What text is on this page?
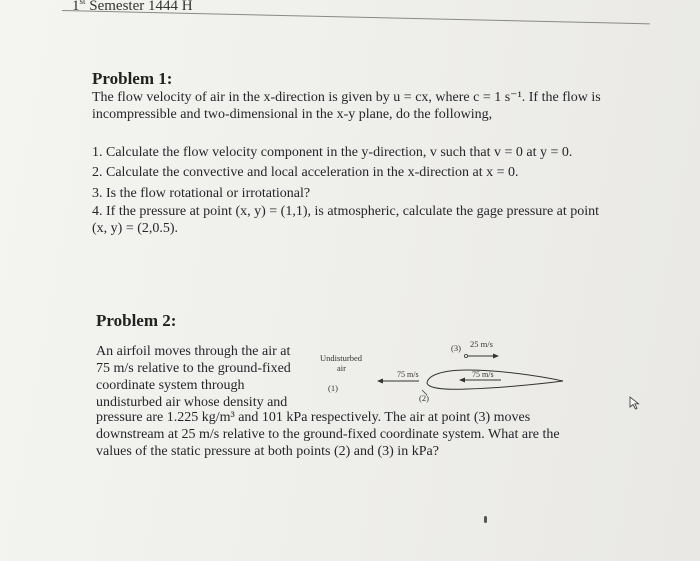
1st Semester 1444 H
Problem 1:
The flow velocity of air in the x-direction is given by u = cx, where c = 1 s⁻¹. If the flow is
incompressible and two-dimensional in the x-y plane, do the following,
1. Calculate the flow velocity component in the y-direction, v such that v = 0 at y = 0.
2. Calculate the convective and local acceleration in the x-direction at x = 0.
3. Is the flow rotational or irrotational?
4. If the pressure at point (x, y) = (1,1), is atmospheric, calculate the gage pressure at point
(x, y) = (2,0.5).
Problem 2:
An airfoil moves through the air at
75 m/s relative to the ground-fixed
coordinate system through
undisturbed air whose density and
pressure are 1.225 kg/m³ and 101 kPa respectively. The air at point (3) moves
downstream at 25 m/s relative to the ground-fixed coordinate system. What are the
values of the static pressure at both points (2) and (3) in kPa?
Undisturbed
air
(1)
(2)
(3) 25 m/s
75 m/s	75 m/s
